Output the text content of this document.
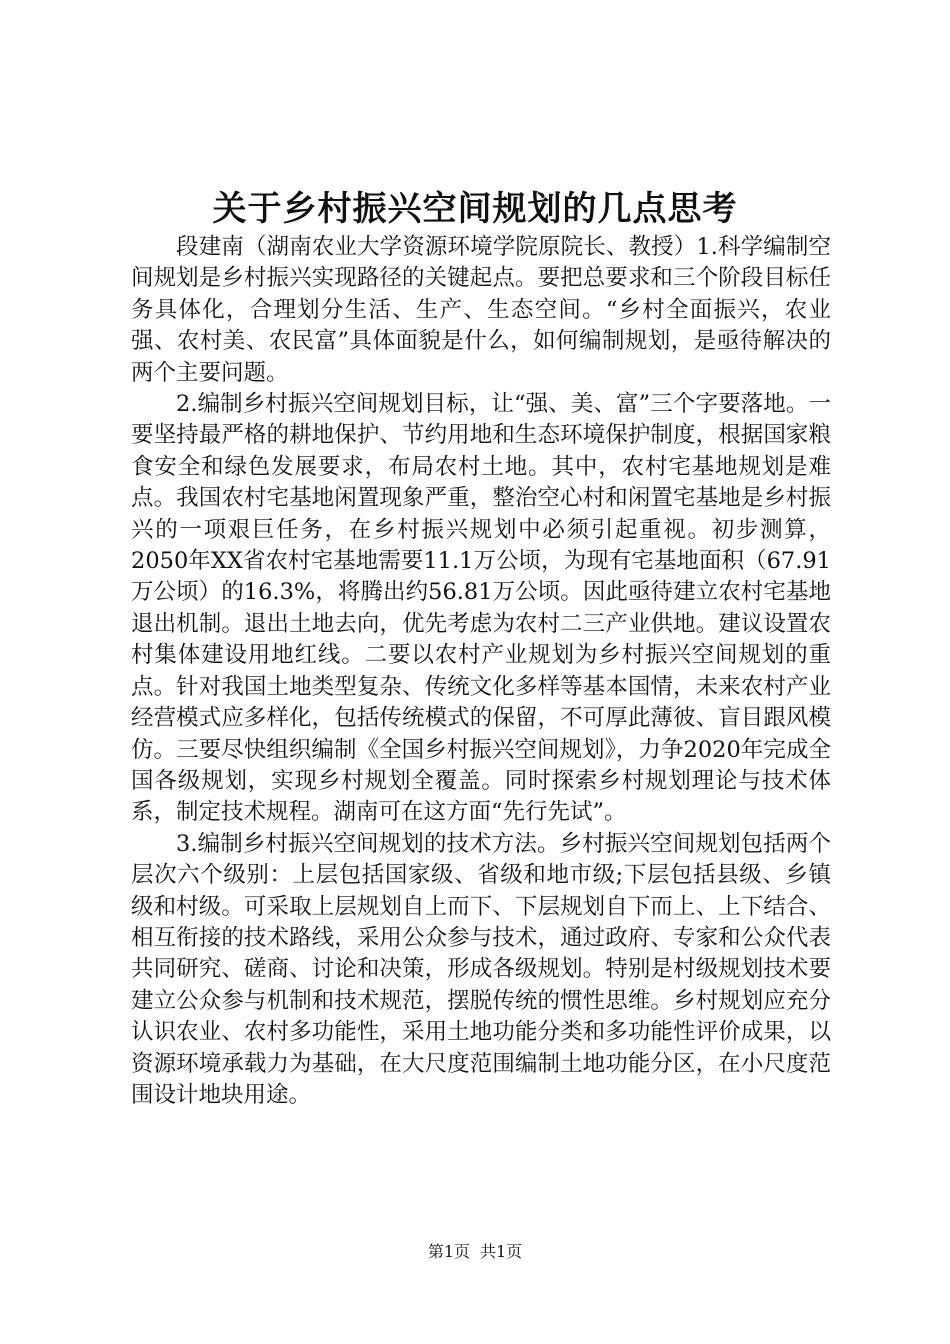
关于乡村振兴空间规划的几点思考

段建南（湖南农业大学资源环境学院原院长、教授）1.科学编制空间规划是乡村振兴实现路径的关键起点。要把总要求和三个阶段目标任务具体化，合理划分生活、生产、生态空间。“乡村全面振兴，农业强、农村美、农民富”具体面貌是什么，如何编制规划，是亟待解决的两个主要问题。

2.编制乡村振兴空间规划目标，让“强、美、富”三个字要落地。一要坚持最严格的耕地保护、节约用地和生态环境保护制度，根据国家粮食安全和绿色发展要求，布局农村土地。其中，农村宅基地规划是难点。我国农村宅基地闲置现象严重，整治空心村和闲置宅基地是乡村振兴的一项艰巨任务，在乡村振兴规划中必须引起重视。初步测算，2050年XX省农村宅基地需要11.1万公顷，为现有宅基地面积（67.91万公顷）的16.3%，将腾出约56.81万公顷。因此亟待建立农村宅基地退出机制。退出土地去向，优先考虑为农村二三产业供地。建议设置农村集体建设用地红线。二要以农村产业规划为乡村振兴空间规划的重点。针对我国土地类型复杂、传统文化多样等基本国情，未来农村产业经营模式应多样化，包括传统模式的保留，不可厚此薄彼、盲目跟风模仿。三要尽快组织编制《全国乡村振兴空间规划》，力争2020年完成全国各级规划，实现乡村规划全覆盖。同时探索乡村规划理论与技术体系，制定技术规程。湖南可在这方面“先行先试”。

3.编制乡村振兴空间规划的技术方法。乡村振兴空间规划包括两个层次六个级别：上层包括国家级、省级和地市级;下层包括县级、乡镇级和村级。可采取上层规划自上而下、下层规划自下而上、上下结合、相互衔接的技术路线，采用公众参与技术，通过政府、专家和公众代表共同研究、磋商、讨论和决策，形成各级规划。特别是村级规划技术要建立公众参与机制和技术规范，摆脱传统的惯性思维。乡村规划应充分认识农业、农村多功能性，采用土地功能分类和多功能性评价成果，以资源环境承载力为基础，在大尺度范围编制土地功能分区，在小尺度范围设计地块用途。

第1页 共1页
